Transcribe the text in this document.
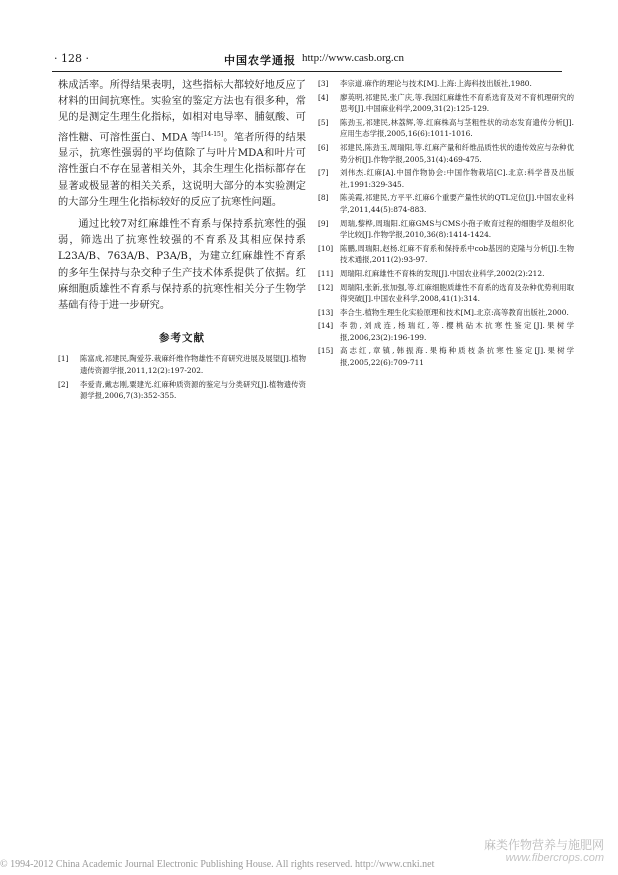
· 128 ·	中国农学通报 http://www.casb.org.cn

株成活率。所得结果表明，这些指标大都较好地反应了材料的田间抗寒性。实验室的鉴定方法也有很多种，常见的是测定生理生化指标，如相对电导率、脯氨酸、可溶性糖、可溶性蛋白、MDA 等[14-15]。笔者所得的结果显示，抗寒性强弱的平均值除了与叶片MDA和叶片可溶性蛋白不存在显著相关外，其余生理生化指标都存在显著或极显著的相关关系，这说明大部分的本实验测定的大部分生理生化指标较好的反应了抗寒性问题。

通过比较7对红麻雄性不育系与保持系抗寒性的强弱，筛选出了抗寒性较强的不育系及其相应保持系L23A/B、763A/B、P3A/B，为建立红麻雄性不育系的多年生保持与杂交种子生产技术体系提供了依据。红麻细胞质雄性不育系与保持系的抗寒性相关分子生物学基础有待于进一步研究。

参考文献
[1] 陈富成,祁建民,陶爱芬.栽麻纤维作物雄性不育研究进展及展望[J].植物遗传资源学报,2011,12(2):197-202.
[2] 李爱青,戴志刚,粟建光.红麻种质资源的鉴定与分类研究[J].植物遗传资源学报,2006,7(3):352-355.
[3] 李宗道.麻作的理论与技术[M].上海:上海科技出版社,1980.
[4] 廖英明,祁建民,张广庆,等.我国红麻雄性不育系选育及对不育机理研究的思考[J].中国麻业科学,2009,31(2):125-129.
[5] 陈劲玉,祁建民,林荔辉,等.红麻株高与茎粗性状的动态发育遗传分析[J].应用生态学报,2005,16(6):1011-1016.
[6] 祁建民,陈劲玉,周瑞阳,等.红麻产量和纤维品质性状的遗传效应与杂种优势分析[J].作物学报,2005,31(4):469-475.
[7] 刘伟杰.红麻[A].中国作物协会:中国作物栽培[C].北京:科学普及出版社,1991:329-345.
[8] 陈美霞,祁建民,方平平.红麻6个重要产量性状的QTL定位[J].中国农业科学,2011,44(5):874-883.
[9] 周瑞,黎桦,周瑞阳.红麻GMS与CMS小孢子败育过程的细胞学及组织化学比较[J].作物学报,2010,36(8):1414-1424.
[10] 陈鹏,周瑞阳,赵杨.红麻不育系和保持系中cob基因的克隆与分析[J].生物技术通报,2011(2):93-97.
[11] 周瑞阳.红麻雄性不育株的发现[J].中国农业科学,2002(2):212.
[12] 周瑞阳,张新,张加强,等.红麻细胞质雄性不育系的选育及杂种优势利用取得突破[J].中国农业科学,2008,41(1):314.
[13] 李合生.植物生理生化实验原理和技术[M].北京:高等教育出版社,2000.
[14] 李勃,刘成连,杨瑞红,等.樱桃砧木抗寒性鉴定[J].果树学报,2006,23(2):196-199.
[15] 高志红,章镇,韩振海.果梅种质枝条抗寒性鉴定[J].果树学报,2005,22(6):709-711
麻类作物营养与施肥网
www.fibercrops.com
© 1994-2012 China Academic Journal Electronic Publishing House. All rights reserved. http://www.cnki.net
